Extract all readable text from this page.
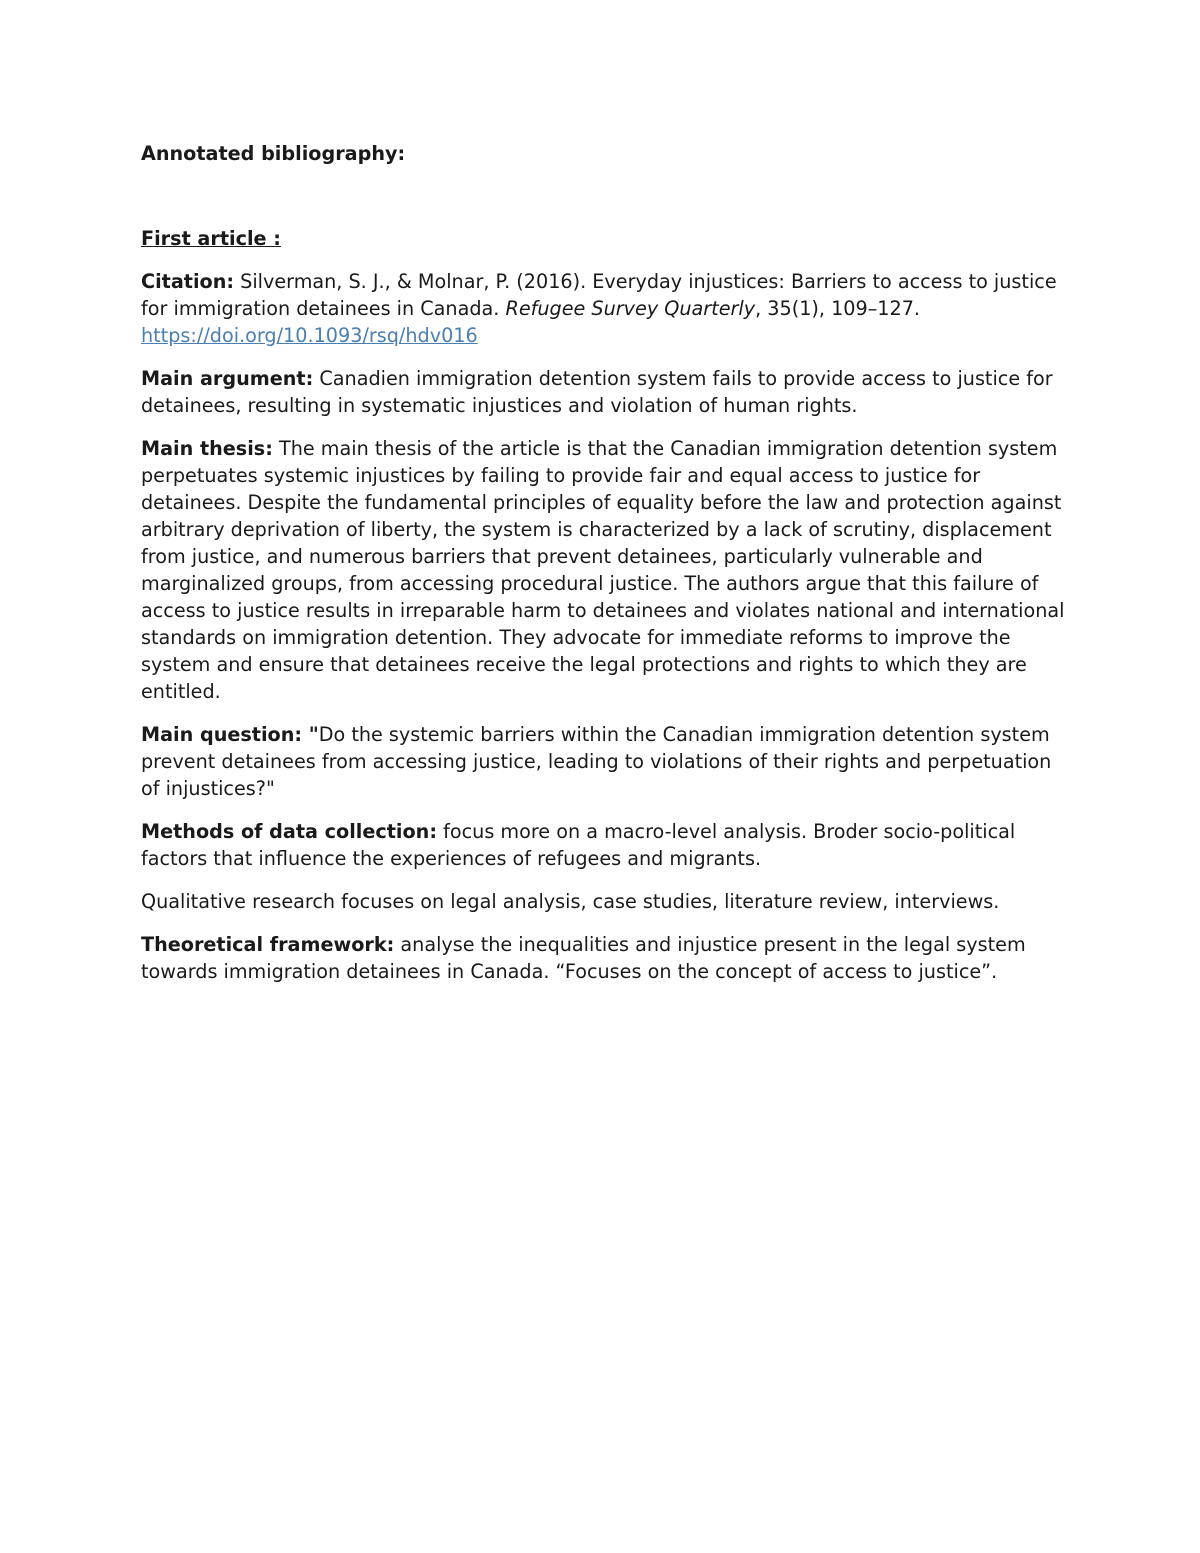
Annotated bibliography:

First article :

Citation: Silverman, S. J., & Molnar, P. (2016). Everyday injustices: Barriers to access to justice for immigration detainees in Canada. Refugee Survey Quarterly, 35(1), 109–127. https://doi.org/10.1093/rsq/hdv016

Main argument: Canadien immigration detention system fails to provide access to justice for detainees, resulting in systematic injustices and violation of human rights.

Main thesis: The main thesis of the article is that the Canadian immigration detention system perpetuates systemic injustices by failing to provide fair and equal access to justice for detainees. Despite the fundamental principles of equality before the law and protection against arbitrary deprivation of liberty, the system is characterized by a lack of scrutiny, displacement from justice, and numerous barriers that prevent detainees, particularly vulnerable and marginalized groups, from accessing procedural justice. The authors argue that this failure of access to justice results in irreparable harm to detainees and violates national and international standards on immigration detention. They advocate for immediate reforms to improve the system and ensure that detainees receive the legal protections and rights to which they are entitled.

Main question: "Do the systemic barriers within the Canadian immigration detention system prevent detainees from accessing justice, leading to violations of their rights and perpetuation of injustices?"

Methods of data collection: focus more on a macro-level analysis. Broder socio-political factors that influence the experiences of refugees and migrants.

Qualitative research focuses on legal analysis, case studies, literature review, interviews.

Theoretical framework: analyse the inequalities and injustice present in the legal system towards immigration detainees in Canada. “Focuses on the concept of access to justice”.
